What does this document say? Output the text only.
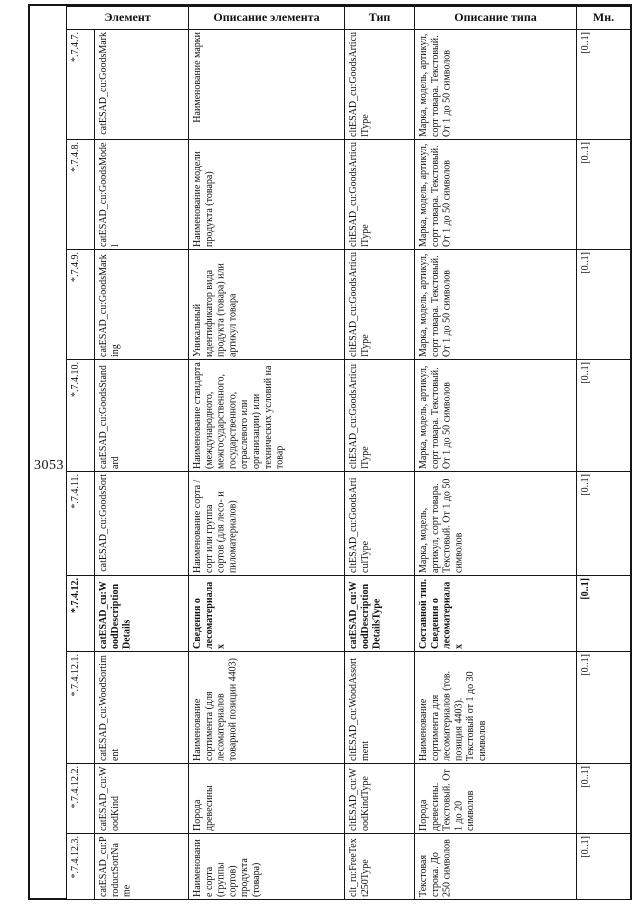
3053
Элемент		Описание элемента	Тип	Описание типа	Мн.

*.7.4.7.	catESAD_cu:GoodsMark	Наименование марки	cltESAD_cu:GoodsArticulType	Марка, модель, артикул, сорт товара. Текстовый. От 1 до 50 символов	[0..1]

*.7.4.8.	catESAD_cu:GoodsModel	Наименование модели продукта (товара)	cltESAD_cu:GoodsArticulType	Марка, модель, артикул, сорт товара. Текстовый. От 1 до 50 символов	[0..1]

*.7.4.9.	catESAD_cu:GoodsMarking	Уникальный идентификатор вида продукта (товара) или артикул товара	cltESAD_cu:GoodsArticulType	Марка, модель, артикул, сорт товара. Текстовый. От 1 до 50 символов	[0..1]

*.7.4.10.	catESAD_cu:GoodsStandard	Наименование стандарта (международного, межгосударственного, государственного, отраслевого или организации) или технических условий на товар	cltESAD_cu:GoodsArticulType	Марка, модель, артикул, сорт товара. Текстовый. От 1 до 50 символов	[0..1]

*.7.4.11.	catESAD_cu:GoodsSort	Наименование сорта / сорт или группа сортов (для лесо- и пиломатериалов)	cltESAD_cu:GoodsArticulType	Марка, модель, артикул, сорт товара. Текстовый. От 1 до 50 символов	[0..1]

*.7.4.12.	catESAD_cu:WoodDescriptionDetails	Сведения о лесоматериалах	catESAD_cu:WoodDescriptionDetailsType	Составной тип. Сведения о лесоматериалах	[0..1]

*.7.4.12.1.	catESAD_cu:WoodSortiment	Наименование сортимента (для лесоматериалов товарной позиции 4403)	cltESAD_cu:WoodAssortment	Наименование сортимента для лесоматериалов (тов. позиция 4403). Текстовый от 1 до 30 символов	[0..1]

*.7.4.12.2.	catESAD_cu:WoodKind	Порода древесины	cltESAD_cu:WoodKindType	Порода древесины. Текстовый. От 1 до 20 символов	[0..1]

*.7.4.12.3.	catESAD_cu:ProductSortName	Наименование сорта (группы сортов) продукта (товара)	clt_ru:FreeText250Type	Текстовая строка. До 250 символов	[0..1]
